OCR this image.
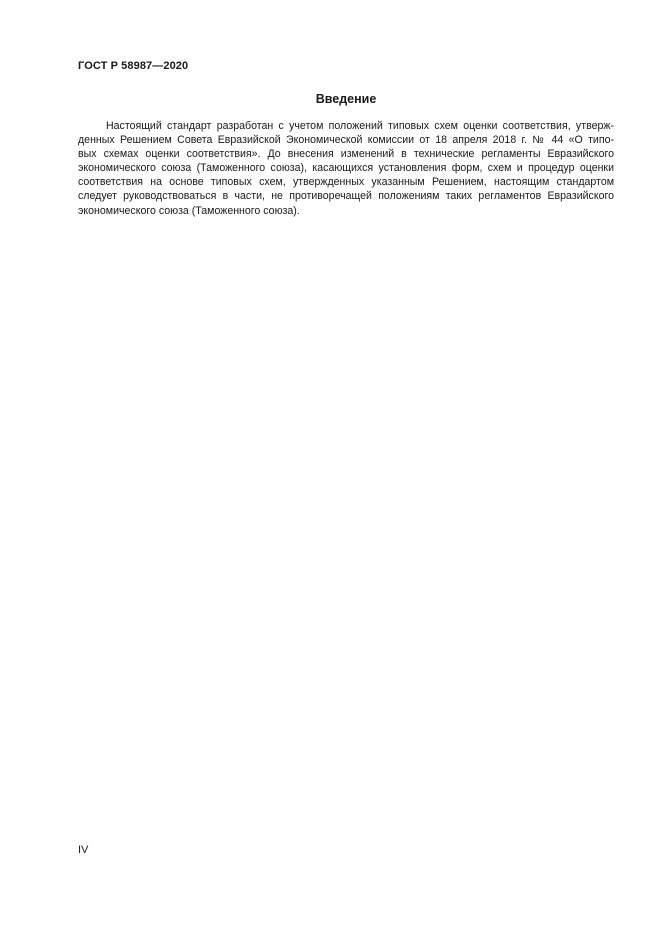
ГОСТ Р 58987—2020
Введение
Настоящий стандарт разработан с учетом положений типовых схем оценки соответствия, утверж-
денных Решением Совета Евразийской Экономической комиссии от 18 апреля 2018 г. № 44 «О типо-
вых схемах оценки соответствия». До внесения изменений в технические регламенты Евразийского
экономического союза (Таможенного союза), касающихся установления форм, схем и процедур оценки
соответствия на основе типовых схем, утвержденных указанным Решением, настоящим стандартом
следует руководствоваться в части, не противоречащей положениям таких регламентов Евразийского
экономического союза (Таможенного союза).
IV
